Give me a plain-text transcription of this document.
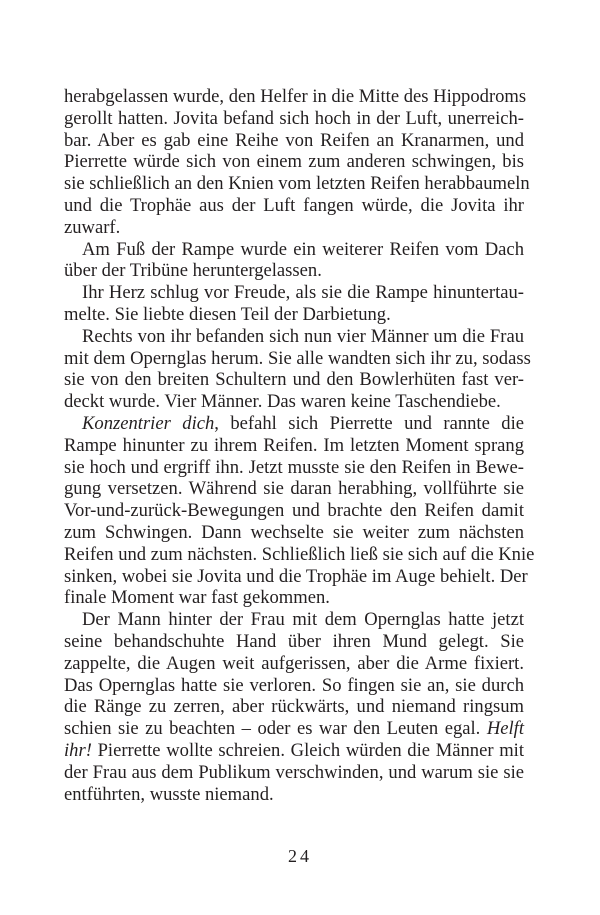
herabgelassen wurde, den Helfer in die Mitte des Hippodroms
gerollt hatten. Jovita befand sich hoch in der Luft, unerreich-
bar. Aber es gab eine Reihe von Reifen an Kranarmen, und
Pierrette würde sich von einem zum anderen schwingen, bis
sie schließlich an den Knien vom letzten Reifen herabbaumeln
und die Trophäe aus der Luft fangen würde, die Jovita ihr
zuwarf.

Am Fuß der Rampe wurde ein weiterer Reifen vom Dach
über der Tribüne heruntergelassen.

Ihr Herz schlug vor Freude, als sie die Rampe hinuntertau-
melte. Sie liebte diesen Teil der Darbietung.

Rechts von ihr befanden sich nun vier Männer um die Frau
mit dem Opernglas herum. Sie alle wandten sich ihr zu, sodass
sie von den breiten Schultern und den Bowlerhüten fast ver-
deckt wurde. Vier Männer. Das waren keine Taschendiebe.

Konzentrier dich, befahl sich Pierrette und rannte die
Rampe hinunter zu ihrem Reifen. Im letzten Moment sprang
sie hoch und ergriff ihn. Jetzt musste sie den Reifen in Bewe-
gung versetzen. Während sie daran herabhing, vollführte sie
Vor-und-zurück-Bewegungen und brachte den Reifen damit
zum Schwingen. Dann wechselte sie weiter zum nächsten
Reifen und zum nächsten. Schließlich ließ sie sich auf die Knie
sinken, wobei sie Jovita und die Trophäe im Auge behielt. Der
finale Moment war fast gekommen.

Der Mann hinter der Frau mit dem Opernglas hatte jetzt
seine behandschuhte Hand über ihren Mund gelegt. Sie
zappelte, die Augen weit aufgerissen, aber die Arme fixiert.
Das Opernglas hatte sie verloren. So fingen sie an, sie durch
die Ränge zu zerren, aber rückwärts, und niemand ringsum
schien sie zu beachten – oder es war den Leuten egal. Helft
ihr! Pierrette wollte schreien. Gleich würden die Männer mit
der Frau aus dem Publikum verschwinden, und warum sie sie
entführten, wusste niemand.

24
